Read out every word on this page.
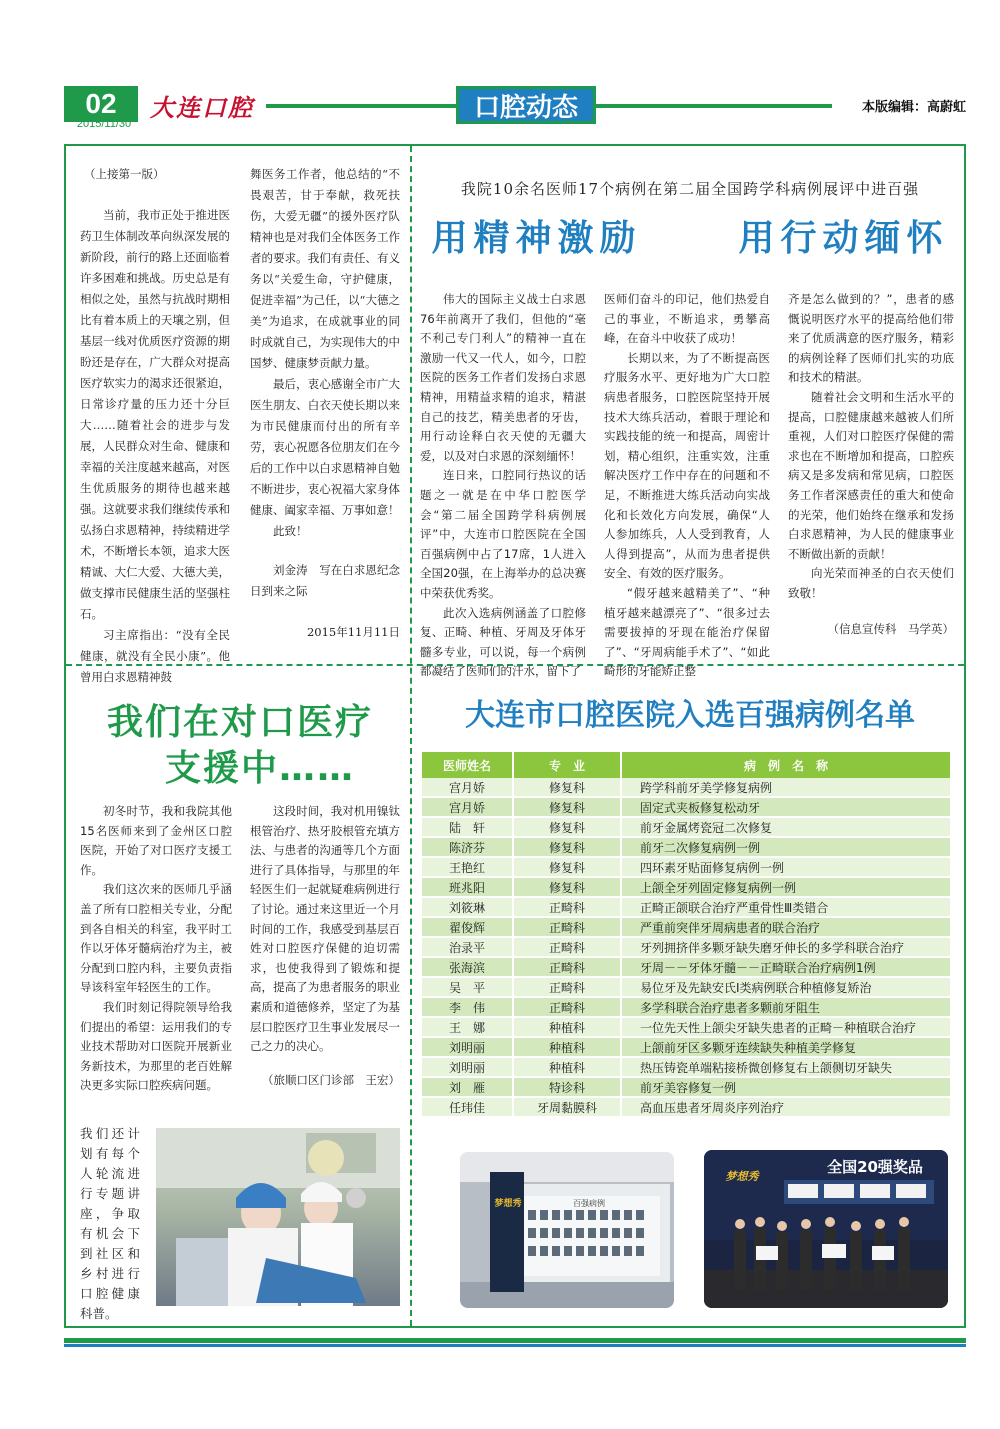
02
2015/11/30
大连口腔	口腔动态	本版编辑：高蔚虹

（上接第一版）

当前，我市正处于推进医药卫生体制改革向纵深发展的新阶段，前行的路上还面临着许多困难和挑战。历史总是有相似之处，虽然与抗战时期相比有着本质上的天壤之别，但基层一线对优质医疗资源的期盼还是存在，广大群众对提高医疗软实力的渴求还很紧迫，日常诊疗量的压力还十分巨大……随着社会的进步与发展，人民群众对生命、健康和幸福的关注度越来越高，对医生优质服务的期待也越来越强。这就要求我们继续传承和弘扬白求恩精神，持续精进学术，不断增长本领，追求大医精诚、大仁大爱、大德大美，做支撑市民健康生活的坚强柱石。

习主席指出：“没有全民健康，就没有全民小康”。他曾用白求恩精神鼓

舞医务工作者，他总结的“不畏艰苦，甘于奉献，救死扶伤，大爱无疆”的援外医疗队精神也是对我们全体医务工作者的要求。我们有责任、有义务以“关爱生命，守护健康，促进幸福”为己任，以“大德之美”为追求，在成就事业的同时成就自己，为实现伟大的中国梦、健康梦贡献力量。

最后，衷心感谢全市广大医生朋友、白衣天使长期以来为市民健康而付出的所有辛劳，衷心祝愿各位朋友们在今后的工作中以白求恩精神自勉不断进步，衷心祝福大家身体健康、阖家幸福、万事如意！

此致！

刘金涛　写在白求恩纪念日到来之际

2015年11月11日

我院10余名医师17个病例在第二届全国跨学科病例展评中进百强
用精神激励	用行动缅怀

伟大的国际主义战士白求恩76年前离开了我们，但他的“毫不利己专门利人”的精神一直在激励一代又一代人，如今，口腔医院的医务工作者们发扬白求恩精神，用精益求精的追求，精湛自己的技艺，精美患者的牙齿，用行动诠释白衣天使的无疆大爱，以及对白求恩的深刻缅怀！

连日来，口腔同行热议的话题之一就是在中华口腔医学会“第二届全国跨学科病例展评”中，大连市口腔医院在全国百强病例中占了17席，1人进入全国20强，在上海举办的总决赛中荣获优秀奖。

此次入选病例涵盖了口腔修复、正畸、种植、牙周及牙体牙髓多专业，可以说，每一个病例都凝结了医师们的汗水，留下了

医师们奋斗的印记，他们热爱自己的事业，不断追求，勇攀高峰，在奋斗中收获了成功！

长期以来，为了不断提高医疗服务水平、更好地为广大口腔病患者服务，口腔医院坚持开展技术大练兵活动，着眼于理论和实践技能的统一和提高，周密计划，精心组织，注重实效，注重解决医疗工作中存在的问题和不足，不断推进大练兵活动向实战化和长效化方向发展，确保“人人参加练兵，人人受到教育，人人得到提高”，从而为患者提供安全、有效的医疗服务。

“假牙越来越精美了”、“种植牙越来越漂亮了”、“很多过去需要拔掉的牙现在能治疗保留了”、“牙周病能手术了”、“如此畸形的牙能矫正整

齐是怎么做到的？”，患者的感慨说明医疗水平的提高给他们带来了优质满意的医疗服务，精彩的病例诠释了医师们扎实的功底和技术的精湛。

随着社会文明和生活水平的提高，口腔健康越来越被人们所重视，人们对口腔医疗保健的需求也在不断增加和提高，口腔疾病又是多发病和常见病，口腔医务工作者深感责任的重大和使命的光荣，他们始终在继承和发扬白求恩精神，为人民的健康事业不断做出新的贡献！

向光荣而神圣的白衣天使们致敬！

（信息宣传科　马学英）

我们在对口医疗
支援中……

初冬时节，我和我院其他15名医师来到了金州区口腔医院，开始了对口医疗支援工作。

我们这次来的医师几乎涵盖了所有口腔相关专业，分配到各自相关的科室，我平时工作以牙体牙髓病治疗为主，被分配到口腔内科，主要负责指导该科室年轻医生的工作。

我们时刻记得院领导给我们提出的希望：运用我们的专业技术帮助对口医院开展新业务新技术，为那里的老百姓解决更多实际口腔疾病问题。

我们还计划有每个人轮流进行专题讲座，争取有机会下到社区和乡村进行口腔健康科普。

这段时间，我对机用镍钛根管治疗、热牙胶根管充填方法、与患者的沟通等几个方面进行了具体指导，与那里的年轻医生们一起就疑难病例进行了讨论。通过来这里近一个月时间的工作，我感受到基层百姓对口腔医疗保健的迫切需求，也使我得到了锻炼和提高，提高了为患者服务的职业素质和道德修养，坚定了为基层口腔医疗卫生事业发展尽一己之力的决心。

（旅顺口区门诊部　王宏）

大连市口腔医院入选百强病例名单
医师姓名	专　业	病　例　名　称
宫月娇	修复科	跨学科前牙美学修复病例
宫月娇	修复科	固定式夹板修复松动牙
陆　轩	修复科	前牙金属烤瓷冠二次修复
陈济芬	修复科	前牙二次修复病例一例
王艳红	修复科	四环素牙贴面修复病例一例
班兆阳	修复科	上颌全牙列固定修复病例一例
刘筱琳	正畸科	正畸正颌联合治疗严重骨性Ⅲ类错合
翟俊辉	正畸科	严重前突伴牙周病患者的联合治疗
治录平	正畸科	牙列拥挤伴多颗牙缺失磨牙伸长的多学科联合治疗
张海滨	正畸科	牙周－－牙体牙髓－－正畸联合治疗病例1例
吴　平	正畸科	易位牙及先缺安氏Ⅰ类病例联合种植修复矫治
李　伟	正畸科	多学科联合治疗患者多颗前牙阻生
王　娜	种植科	一位先天性上颌尖牙缺失患者的正畸－种植联合治疗
刘明丽	种植科	上颌前牙区多颗牙连续缺失种植美学修复
刘明丽	种植科	热压铸瓷单端粘接桥微创修复右上颌侧切牙缺失
刘　雁	特诊科	前牙美容修复一例
任玮佳	牙周黏膜科	高血压患者牙周炎序列治疗
梦想秀	百强病例
全国20强奖品
梦想秀
